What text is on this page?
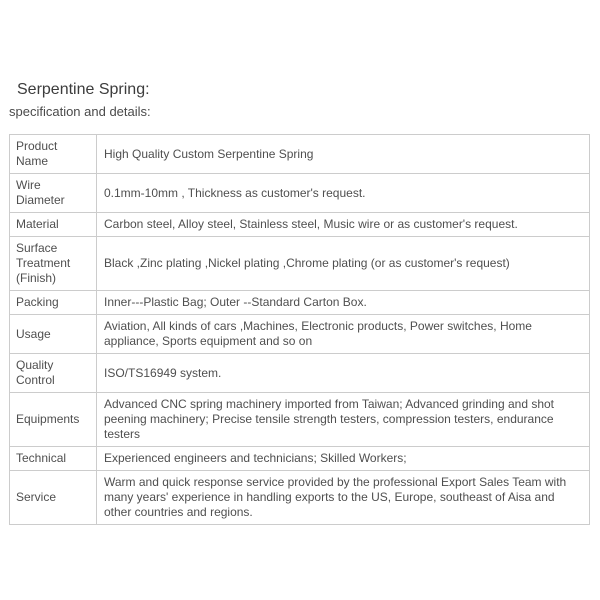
Serpentine Spring:
specification and details:
Product Name	High Quality Custom Serpentine Spring
Wire Diameter	0.1mm-10mm , Thickness as customer's request.
Material	Carbon steel, Alloy steel, Stainless steel, Music wire or as customer's request.
Surface Treatment (Finish)	Black ,Zinc plating ,Nickel plating ,Chrome plating (or as customer's request)
Packing	Inner---Plastic Bag; Outer --Standard Carton Box.
Usage	Aviation, All kinds of cars ,Machines, Electronic products, Power switches, Home appliance, Sports equipment and so on
Quality Control	ISO/TS16949 system.
Equipments	Advanced CNC spring machinery imported from Taiwan; Advanced grinding and shot peening machinery; Precise tensile strength testers, compression testers, endurance testers
Technical	Experienced engineers and technicians; Skilled Workers;
Service	Warm and quick response service provided by the professional Export Sales Team with many years' experience in handling exports to the US, Europe, southeast of Aisa and other countries and regions.
